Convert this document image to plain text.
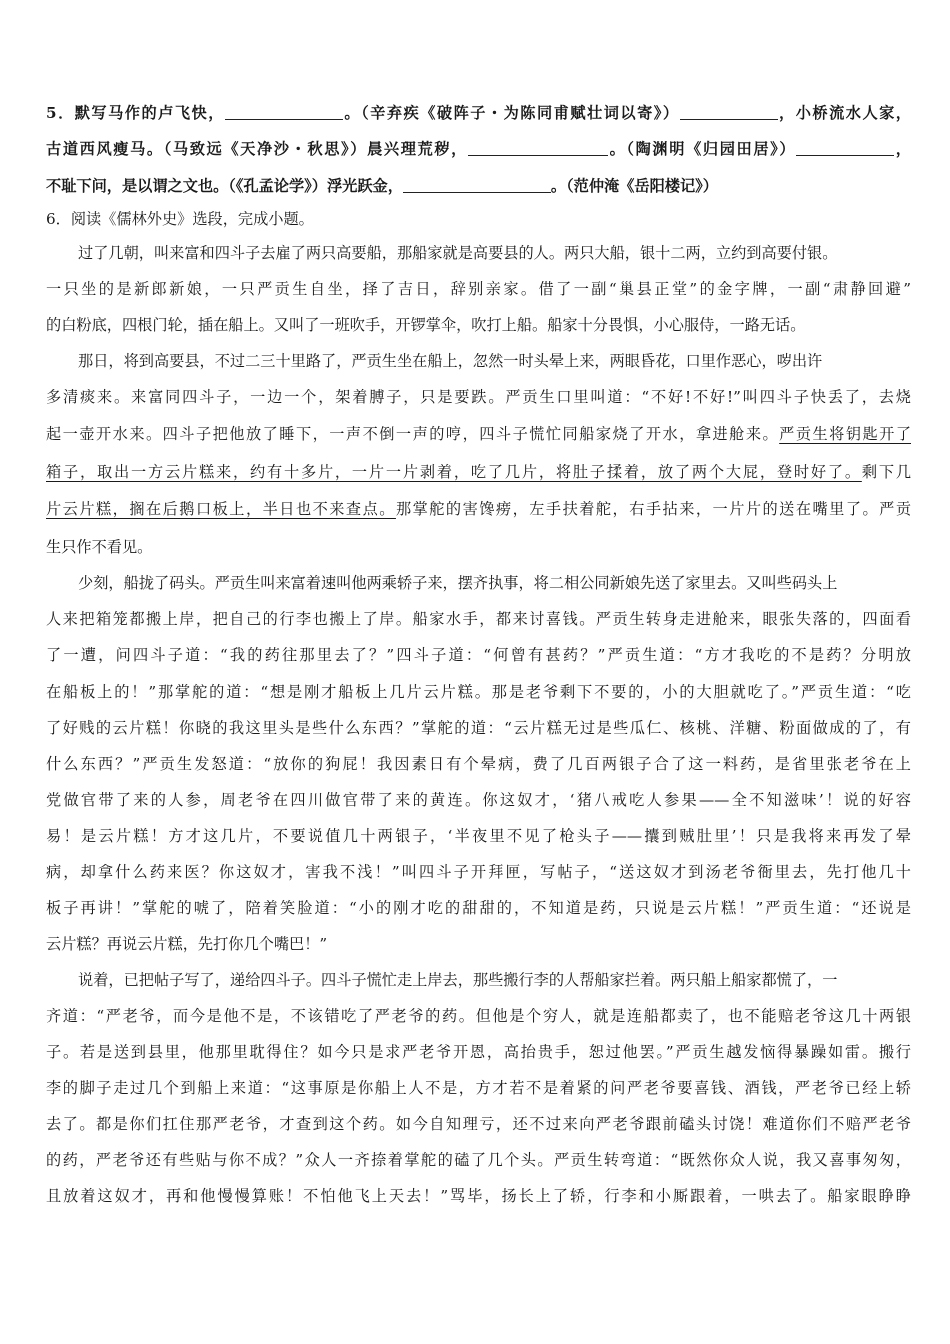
5．默写马作的卢飞快，	。（辛弃疾《破阵子・为陈同甫赋壮词以寄》）	，小桥流水人家，
古道西风瘦马。（马致远《天净沙・秋思》）晨兴理荒秽，	。（陶渊明《归园田居》）	，
不耻下问，是以谓之文也。（《孔孟论学》）浮光跃金，	。（范仲淹《岳阳楼记》）
6．阅读《儒林外史》选段，完成小题。
过了几朝，叫来富和四斗子去雇了两只高要船，那船家就是高要县的人。两只大船，银十二两，立约到高要付银。
一只坐的是新郎新娘，一只严贡生自坐，择了吉日，辞别亲家。借了一副“巢县正堂”的金字牌，一副“肃静回避”
的白粉底，四根门轮，插在船上。又叫了一班吹手，开锣掌伞，吹打上船。船家十分畏惧，小心服侍，一路无话。
那日，将到高要县，不过二三十里路了，严贡生坐在船上，忽然一时头晕上来，两眼昏花，口里作恶心，哕出许
多清痰来。来富同四斗子，一边一个，架着膊子，只是要跌。严贡生口里叫道：“不好!不好!”叫四斗子快丢了，去烧
起一壶开水来。四斗子把他放了睡下，一声不倒一声的哼，四斗子慌忙同船家烧了开水，拿进舱来。严贡生将钥匙开了
箱子，取出一方云片糕来，约有十多片，一片一片剥着，吃了几片，将肚子揉着，放了两个大屁，登时好了。剩下几
片云片糕，搁在后鹅口板上，半日也不来查点。那掌舵的害馋痨，左手扶着舵，右手拈来，一片片的送在嘴里了。严贡
生只作不看见。
少刻，船拢了码头。严贡生叫来富着速叫他两乘轿子来，摆齐执事，将二相公同新娘先送了家里去。又叫些码头上
人来把箱笼都搬上岸，把自己的行李也搬上了岸。船家水手，都来讨喜钱。严贡生转身走进舱来，眼张失落的，四面看
了一遭，问四斗子道：“我的药往那里去了？”四斗子道：“何曾有甚药？”严贡生道：“方才我吃的不是药？分明放
在船板上的！”那掌舵的道：“想是刚才船板上几片云片糕。那是老爷剩下不要的，小的大胆就吃了。”严贡生道：“吃
了好贱的云片糕！你晓的我这里头是些什么东西？”掌舵的道：“云片糕无过是些瓜仁、核桃、洋糖、粉面做成的了，有
什么东西？”严贡生发怒道：“放你的狗屁！我因素日有个晕病，费了几百两银子合了这一料药，是省里张老爷在上
党做官带了来的人参，周老爷在四川做官带了来的黄连。你这奴才，‘猪八戒吃人参果——全不知滋味’！说的好容
易！是云片糕！方才这几片，不要说值几十两银子，‘半夜里不见了枪头子——攮到贼肚里’！只是我将来再发了晕
病，却拿什么药来医？你这奴才，害我不浅！”叫四斗子开拜匣，写帖子，“送这奴才到汤老爷衙里去，先打他几十
板子再讲！”掌舵的唬了，陪着笑脸道：“小的刚才吃的甜甜的，不知道是药，只说是云片糕！”严贡生道：“还说是
云片糕？再说云片糕，先打你几个嘴巴！”
说着，已把帖子写了，递给四斗子。四斗子慌忙走上岸去，那些搬行李的人帮船家拦着。两只船上船家都慌了，一
齐道：“严老爷，而今是他不是，不该错吃了严老爷的药。但他是个穷人，就是连船都卖了，也不能赔老爷这几十两银
子。若是送到县里，他那里耽得住？如今只是求严老爷开恩，高抬贵手，恕过他罢。”严贡生越发恼得暴躁如雷。搬行
李的脚子走过几个到船上来道：“这事原是你船上人不是，方才若不是着紧的问严老爷要喜钱、酒钱，严老爷已经上轿
去了。都是你们扛住那严老爷，才查到这个药。如今自知理亏，还不过来向严老爷跟前磕头讨饶！难道你们不赔严老爷
的药，严老爷还有些贴与你不成？”众人一齐捺着掌舵的磕了几个头。严贡生转弯道：“既然你众人说，我又喜事匆匆，
且放着这奴才，再和他慢慢算账！不怕他飞上天去！”骂毕，扬长上了轿，行李和小厮跟着，一哄去了。船家眼睁睁
